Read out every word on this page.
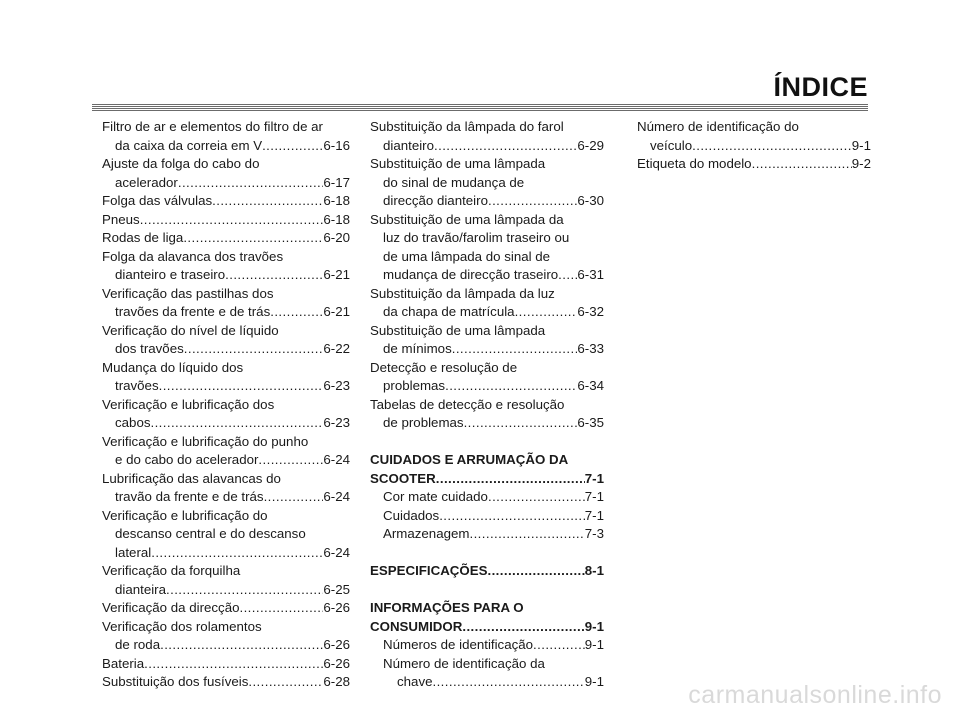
ÍNDICE
Filtro de ar e elementos do filtro de ar
da caixa da correia em V .....	6-16
Ajuste da folga do cabo do
acelerador .....	6-17
Folga das válvulas .....	6-18
Pneus .....	6-18
Rodas de liga .....	6-20
Folga da alavanca dos travões
dianteiro e traseiro .....	6-21
Verificação das pastilhas dos
travões da frente e de trás .....	6-21
Verificação do nível de líquido
dos travões .....	6-22
Mudança do líquido dos
travões .....	6-23
Verificação e lubrificação dos
cabos .....	6-23
Verificação e lubrificação do punho
e do cabo do acelerador .....	6-24
Lubrificação das alavancas do
travão da frente e de trás .....	6-24
Verificação e lubrificação do
descanso central e do descanso
lateral .....	6-24
Verificação da forquilha
dianteira .....	6-25
Verificação da direcção .....	6-26
Verificação dos rolamentos
de roda .....	6-26
Bateria .....	6-26
Substituição dos fusíveis .....	6-28
Substituição da lâmpada do farol
dianteiro .....	6-29
Substituição de uma lâmpada
do sinal de mudança de
direcção dianteiro .....	6-30
Substituição de uma lâmpada da
luz do travão/farolim traseiro ou
de uma lâmpada do sinal de
mudança de direcção traseiro ..... 6-31
Substituição da lâmpada da luz
da chapa de matrícula .....	6-32
Substituição de uma lâmpada
de mínimos .....	6-33
Detecção e resolução de
problemas .....	6-34
Tabelas de detecção e resolução
de problemas .....	6-35
CUIDADOS E ARRUMAÇÃO DA
SCOOTER .....	7-1
Cor mate cuidado .....	7-1
Cuidados .....	7-1
Armazenagem .....	7-3
ESPECIFICAÇÕES .....	8-1
INFORMAÇÕES PARA O
CONSUMIDOR .....	9-1
Números de identificação .....	9-1
Número de identificação da
chave .....	9-1
Número de identificação do
veículo .....	9-1
Etiqueta do modelo .....	9-2
carmanualsonline.info
